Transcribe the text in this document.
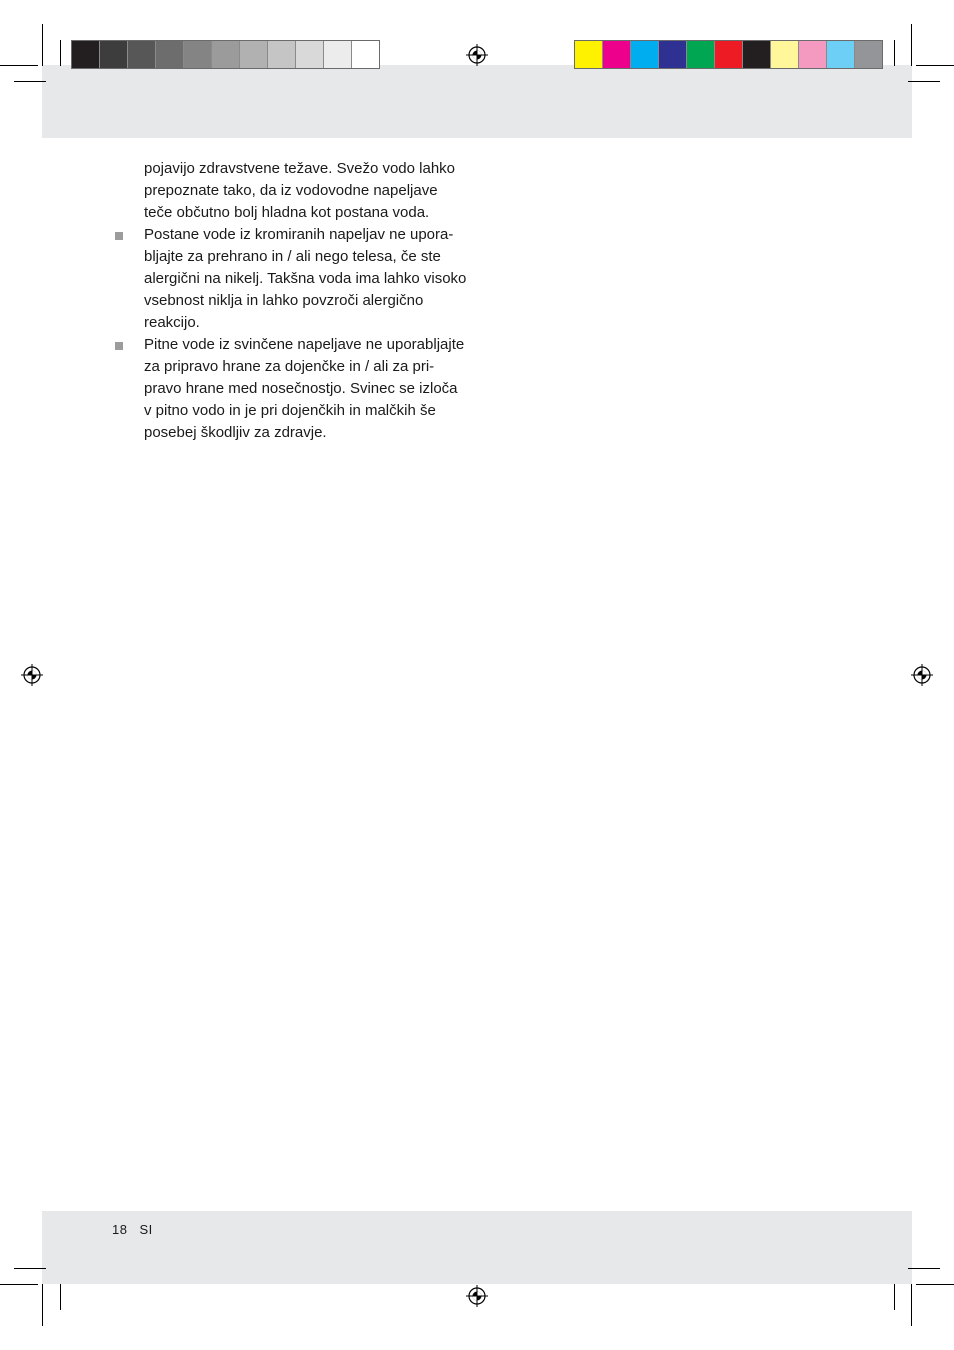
pojavijo zdravstvene težave. Svežo vodo lahko
prepoznate tako, da iz vodovodne napeljave
teče občutno bolj hladna kot postana voda.

Postane vode iz kromiranih napeljav ne upora-
bljajte za prehrano in / ali nego telesa, če ste
alergični na nikelj. Takšna voda ima lahko visoko
vsebnost niklja in lahko povzroči alergično
reakcijo.
Pitne vode iz svinčene napeljave ne uporabljajte
za pripravo hrane za dojenčke in / ali za pri-
pravo hrane med nosečnostjo. Svinec se izloča
v pitno vodo in je pri dojenčkih in malčkih še
posebej škodljiv za zdravje.
18 SI
